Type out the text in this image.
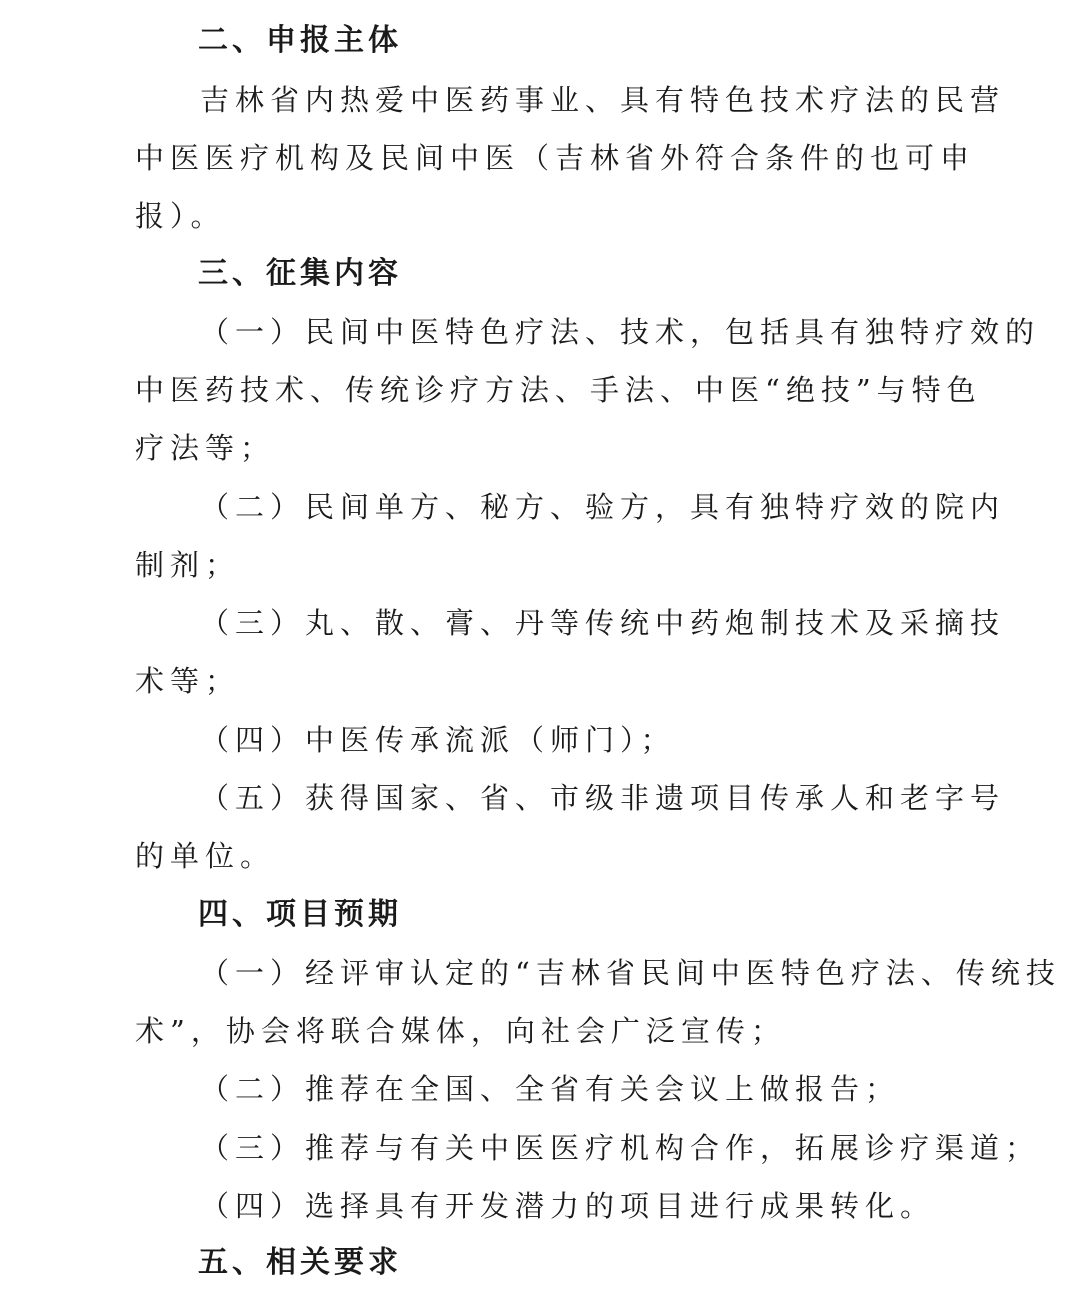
二、申报主体
吉林省内热爱中医药事业、具有特色技术疗法的民营
中医医疗机构及民间中医（吉林省外符合条件的也可申
报）。
三、征集内容
（一）民间中医特色疗法、技术，包括具有独特疗效的
中医药技术、传统诊疗方法、手法、中医“绝技”与特色
疗法等；
（二）民间单方、秘方、验方，具有独特疗效的院内
制剂；
（三）丸、散、膏、丹等传统中药炮制技术及采摘技
术等；
（四）中医传承流派（师门）；
（五）获得国家、省、市级非遗项目传承人和老字号
的单位。
四、项目预期
（一）经评审认定的“吉林省民间中医特色疗法、传统技
术”，协会将联合媒体，向社会广泛宣传；
（二）推荐在全国、全省有关会议上做报告；
（三）推荐与有关中医医疗机构合作，拓展诊疗渠道；
（四）选择具有开发潜力的项目进行成果转化。
五、相关要求
